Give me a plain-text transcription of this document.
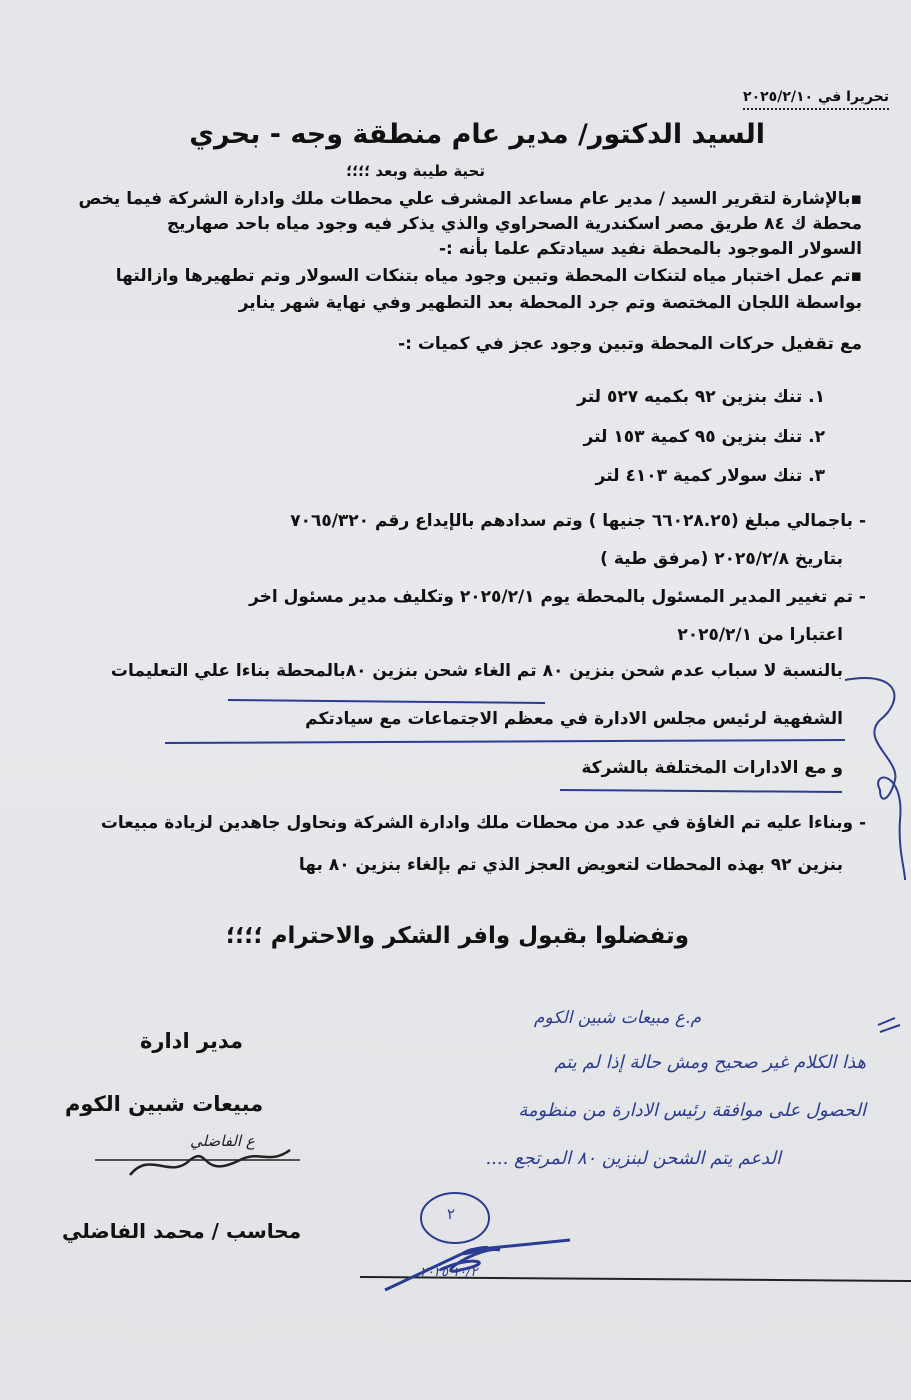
تحريرا في ٢٠٢٥/٢/١٠
السيد الدكتور/ مدير عام منطقة وجه - بحري
تحية طيبة وبعد ؛؛؛؛
▪بالإشارة لتقرير السيد / مدير عام مساعد المشرف علي محطات ملك وادارة الشركة فيما يخص
محطة ك ٨٤ طريق مصر اسكندرية الصحراوي والذي يذكر فيه وجود مياه باحد صهاريج
السولار الموجود بالمحطة نفيد سيادتكم علما بأنه :-
▪تم عمل اختبار مياه لتنكات المحطة وتبين وجود مياه بتنكات السولار وتم تطهيرها وازالتها
بواسطة اللجان المختصة وتم جرد المحطة بعد التطهير وفي نهاية شهر يناير
مع تقفيل حركات المحطة وتبين وجود عجز في كميات :-
١. تنك بنزين ٩٢ بكميه ٥٢٧ لتر
٢. تنك بنزين ٩٥ كمية ١٥٣ لتر
٣. تنك سولار كمية ٤١٠٣ لتر
- باجمالي مبلغ (٦٦٠٢٨.٢٥ جنيها ) وتم سدادهم بالإيداع رقم ٧٠٦٥/٣٢٠
بتاريخ ٢٠٢٥/٢/٨ (مرفق طية )
- تم تغيير المدير المسئول بالمحطة يوم ٢٠٢٥/٢/١ وتكليف مدير مسئول اخر
اعتبارا من ٢٠٢٥/٢/١
بالنسبة لا سباب عدم شحن بنزين ٨٠ تم الغاء شحن بنزين ٨٠بالمحطة بناءا علي التعليمات
الشفهية لرئيس مجلس الادارة في معظم الاجتماعات مع سيادتكم
و مع الادارات المختلفة بالشركة
- وبناءا عليه تم الغاؤة في عدد من محطات ملك وادارة الشركة ونحاول جاهدين لزيادة مبيعات
بنزين ٩٢ بهذه المحطات لتعويض العجز الذي تم بإلغاء بنزين ٨٠ بها
وتفضلوا بقبول وافر الشكر والاحترام ؛؛؛؛
مدير ادارة
مبيعات شبين الكوم
ع الفاضلي
محاسب / محمد الفاضلي
م.ع مبيعات شبين الكوم
هذا الكلام غير صحيح ومش حالة إذا لم يتم
الحصول على موافقة رئيس الادارة من منظومة
الدعم يتم الشحن لبنزين ٨٠ المرتجع ....
٢
١٠/٢ ٢٠٢٥
